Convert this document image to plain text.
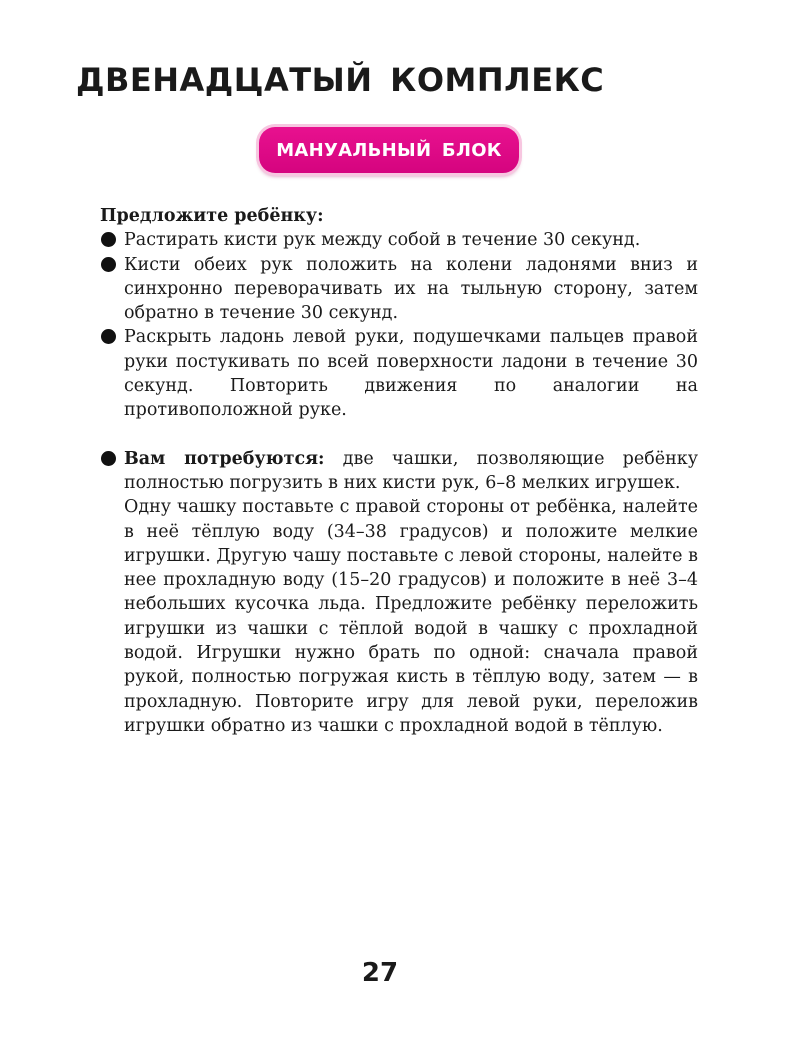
ДВЕНАДЦАТЫЙ КОМПЛЕКС
МАНУАЛЬНЫЙ БЛОК

Предложите ребёнку:

Растирать кисти рук между собой в течение 30 секунд.
Кисти обеих рук положить на колени ладонями вниз и синхронно переворачивать их на тыльную сторону, затем обратно в течение 30 секунд.
Раскрыть ладонь левой руки, подушечками пальцев правой руки постукивать по всей поверхности ладони в течение 30 секунд. Повторить движения по аналогии на противоположной руке.
Вам потребуются: две чашки, позволяющие ребёнку полностью погрузить в них кисти рук, 6–8 мелких игрушек.
Одну чашку поставьте с правой стороны от ребёнка, налейте в неё тёплую воду (34–38 градусов) и положите мелкие игрушки. Другую чашу поставьте с левой стороны, налейте в нее прохладную воду (15–20 градусов) и положите в неё 3–4 небольших кусочка льда. Предложите ребёнку переложить игрушки из чашки с тёплой водой в чашку с прохладной водой. Игрушки нужно брать по одной: сначала правой рукой, полностью погружая кисть в тёплую воду, затем — в прохладную. Повторите игру для левой руки, переложив игрушки обратно из чашки с прохладной водой в тёплую.
27
